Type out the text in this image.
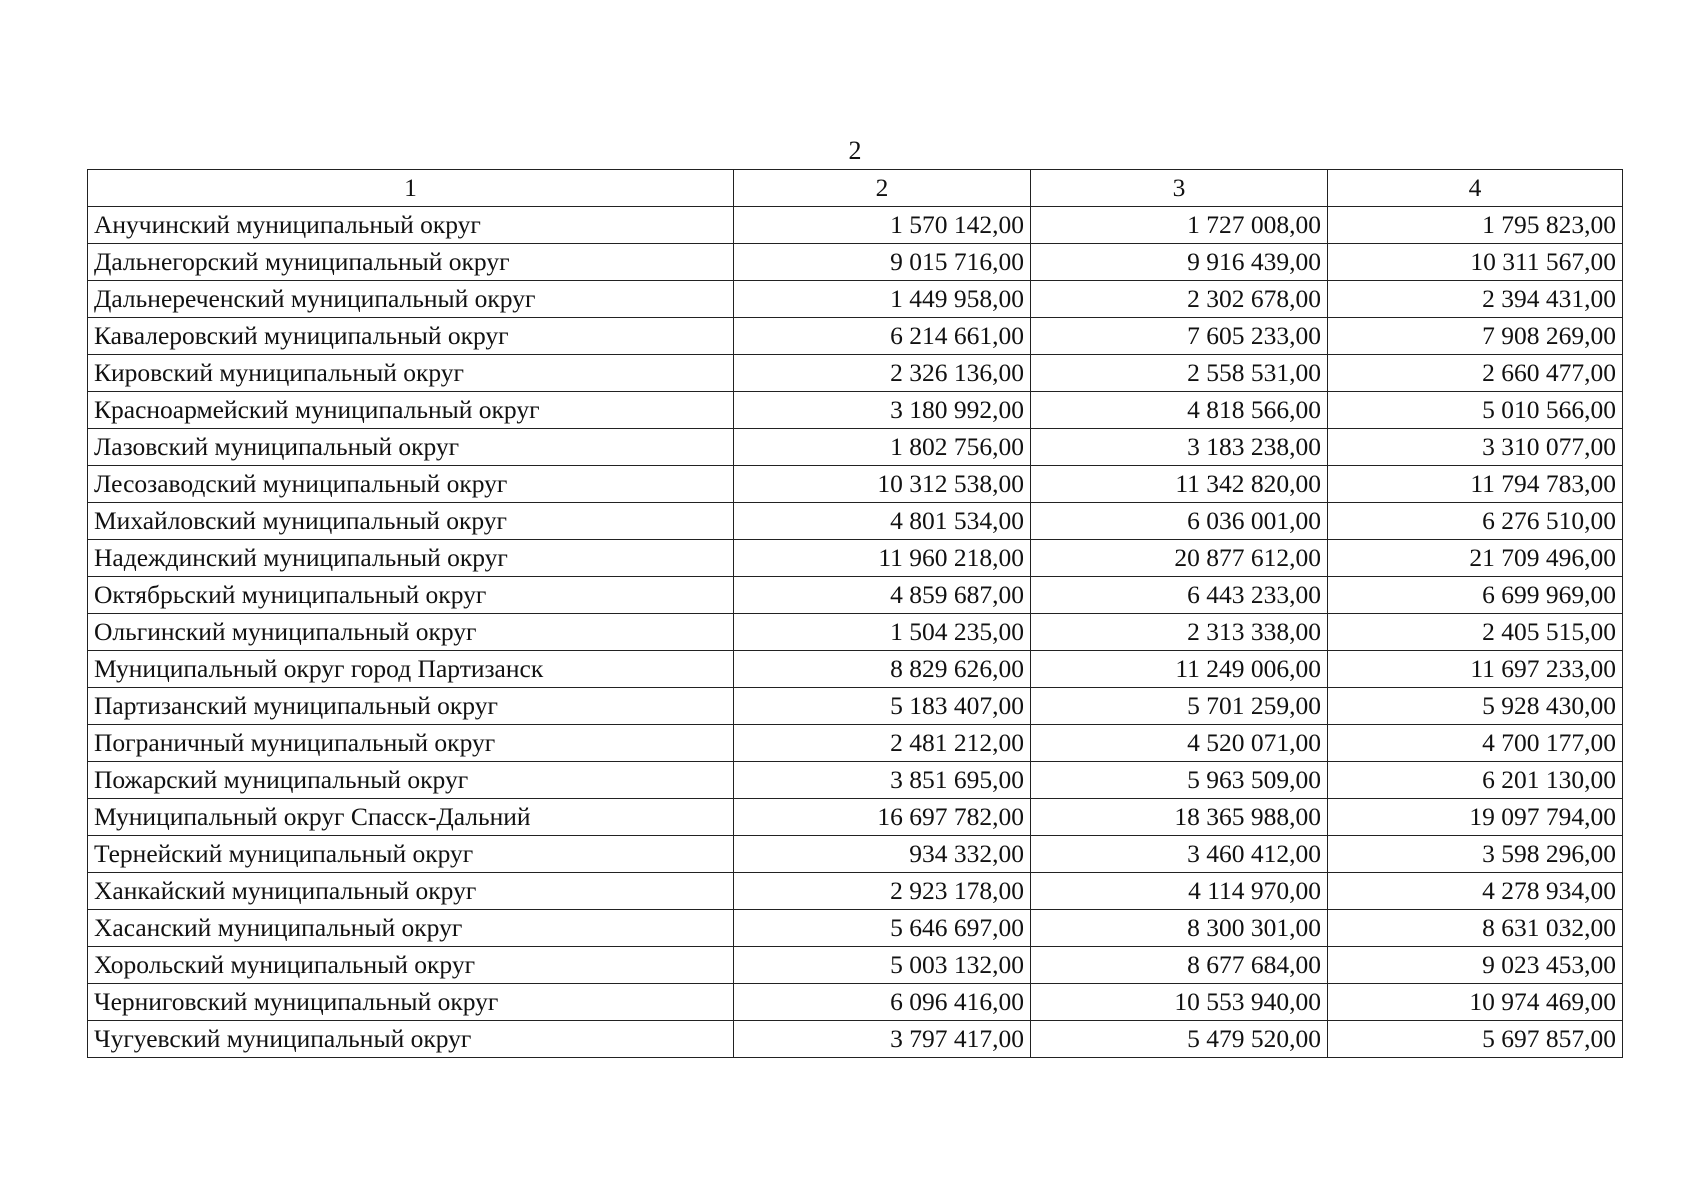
2
1	2	3	4
Анучинский муниципальный округ	1 570 142,00	1 727 008,00	1 795 823,00
Дальнегорский муниципальный округ	9 015 716,00	9 916 439,00	10 311 567,00
Дальнереченский муниципальный округ	1 449 958,00	2 302 678,00	2 394 431,00
Кавалеровский муниципальный округ	6 214 661,00	7 605 233,00	7 908 269,00
Кировский муниципальный округ	2 326 136,00	2 558 531,00	2 660 477,00
Красноармейский муниципальный округ	3 180 992,00	4 818 566,00	5 010 566,00
Лазовский муниципальный округ	1 802 756,00	3 183 238,00	3 310 077,00
Лесозаводский муниципальный округ	10 312 538,00	11 342 820,00	11 794 783,00
Михайловский муниципальный округ	4 801 534,00	6 036 001,00	6 276 510,00
Надеждинский муниципальный округ	11 960 218,00	20 877 612,00	21 709 496,00
Октябрьский муниципальный округ	4 859 687,00	6 443 233,00	6 699 969,00
Ольгинский муниципальный округ	1 504 235,00	2 313 338,00	2 405 515,00
Муниципальный округ город Партизанск	8 829 626,00	11 249 006,00	11 697 233,00
Партизанский муниципальный округ	5 183 407,00	5 701 259,00	5 928 430,00
Пограничный муниципальный округ	2 481 212,00	4 520 071,00	4 700 177,00
Пожарский муниципальный округ	3 851 695,00	5 963 509,00	6 201 130,00
Муниципальный округ Спасск-Дальний	16 697 782,00	18 365 988,00	19 097 794,00
Тернейский муниципальный округ	934 332,00	3 460 412,00	3 598 296,00
Ханкайский муниципальный округ	2 923 178,00	4 114 970,00	4 278 934,00
Хасанский муниципальный округ	5 646 697,00	8 300 301,00	8 631 032,00
Хорольский муниципальный округ	5 003 132,00	8 677 684,00	9 023 453,00
Черниговский муниципальный округ	6 096 416,00	10 553 940,00	10 974 469,00
Чугуевский муниципальный округ	3 797 417,00	5 479 520,00	5 697 857,00
